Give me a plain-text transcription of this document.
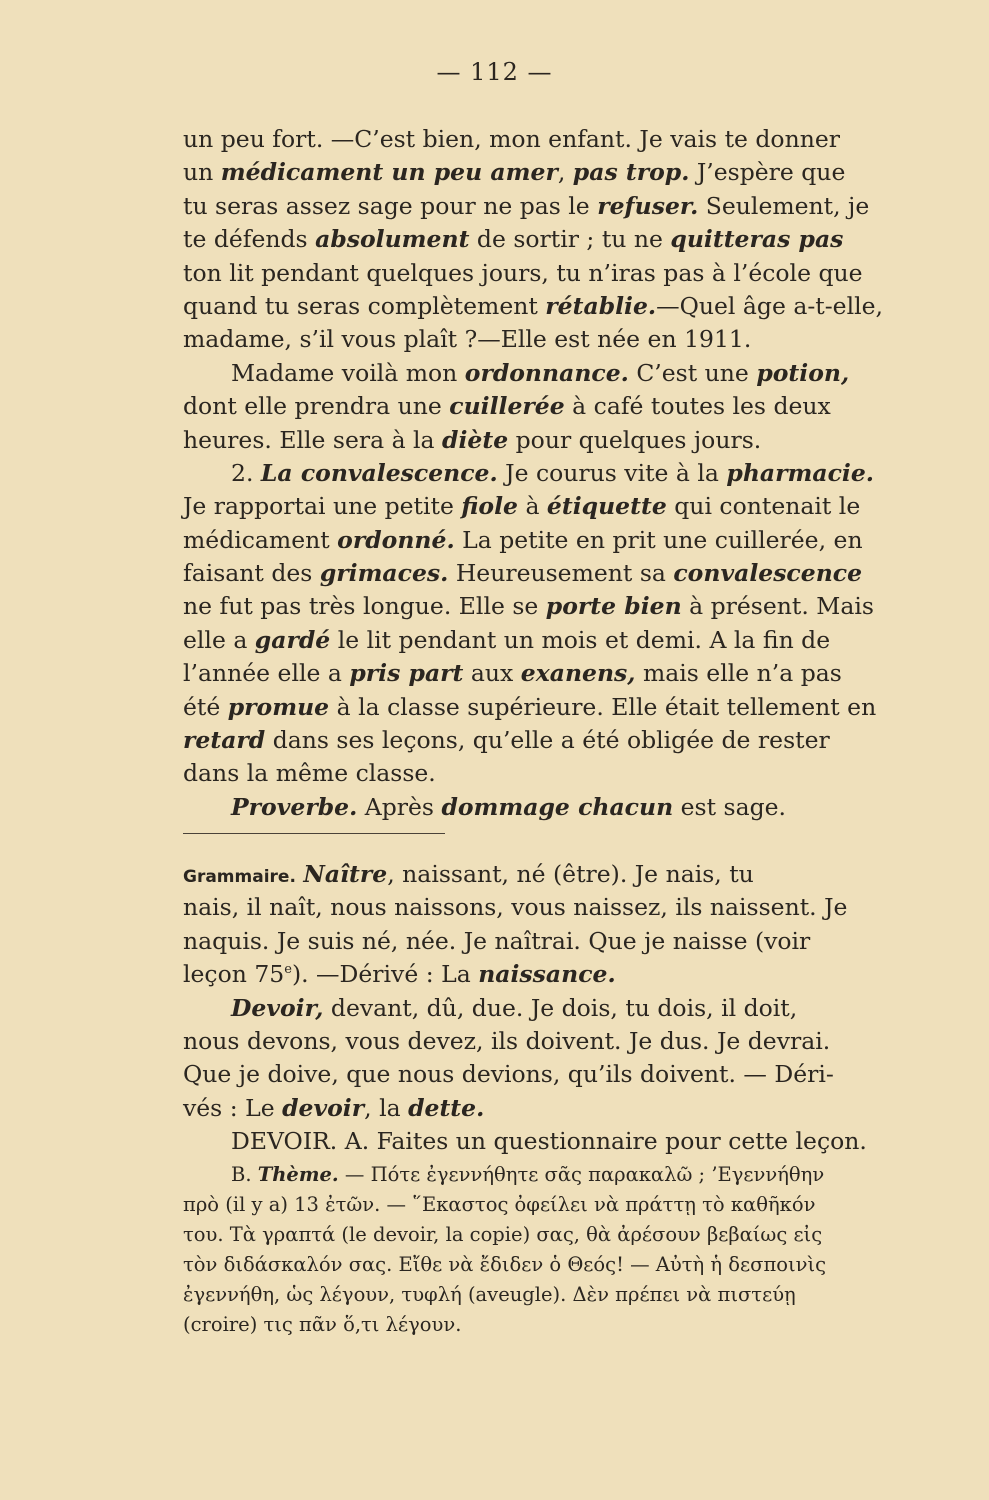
— 112 —
un peu fort. —C’est bien, mon enfant. Je vais te donner
un médicament un peu amer, pas trop. J’espère que
tu seras assez sage pour ne pas le refuser. Seulement, je
te défends absolument de sortir ; tu ne quitteras pas
ton lit pendant quelques jours, tu n’iras pas à l’école que
quand tu seras complètement rétablie.—Quel âge a-t-elle,
madame, s’il vous plaît ?—Elle est née en 1911.
Madame voilà mon ordonnance. C’est une potion,
dont elle prendra une cuillerée à café toutes les deux
heures. Elle sera à la diète pour quelques jours.
2. La convalescence. Je courus vite à la pharmacie.
Je rapportai une petite fiole à étiquette qui contenait le
médicament ordonné. La petite en prit une cuillerée, en
faisant des grimaces. Heureusement sa convalescence
ne fut pas très longue. Elle se porte bien à présent. Mais
elle a gardé le lit pendant un mois et demi. A la fin de
l’année elle a pris part aux exanens, mais elle n’a pas
été promue à la classe supérieure. Elle était tellement en
retard dans ses leçons, qu’elle a été obligée de rester
dans la même classe.
Proverbe. Après dommage chacun est sage.
Grammaire. Naître, naissant, né (être). Je nais, tu
nais, il naît, nous naissons, vous naissez, ils naissent. Je
naquis. Je suis né, née. Je naîtrai. Que je naisse (voir
leçon 75e). —Dérivé : La naissance.
Devoir, devant, dû, due. Je dois, tu dois, il doit,
nous devons, vous devez, ils doivent. Je dus. Je devrai.
Que je doive, que nous devions, qu’ils doivent. — Déri-
vés : Le devoir, la dette.
DEVOIR. A. Faites un questionnaire pour cette leçon.
B. Thème. — Πότε ἐγεννήθητε σᾶς παρακαλῶ ; ’Εγεννήθην
πρὸ (il y a) 13 ἐτῶν. — ῞Εκαστος ὀφείλει νὰ πράττῃ τὸ καθῆκόν
του. Τὰ γραπτά (le devoir, la copie) σας, θὰ ἀρέσουν βεβαίως εἰς
τὸν διδάσκαλόν σας. Εἴθε νὰ ἔδιδεν ὁ Θεός! — Αὐτὴ ἡ δεσποινὶς
ἐγεννήθη, ὡς λέγουν, τυφλή (aveugle). Δὲν πρέπει νὰ πιστεύῃ
(croire) τις πᾶν ὅ,τι λέγουν.
